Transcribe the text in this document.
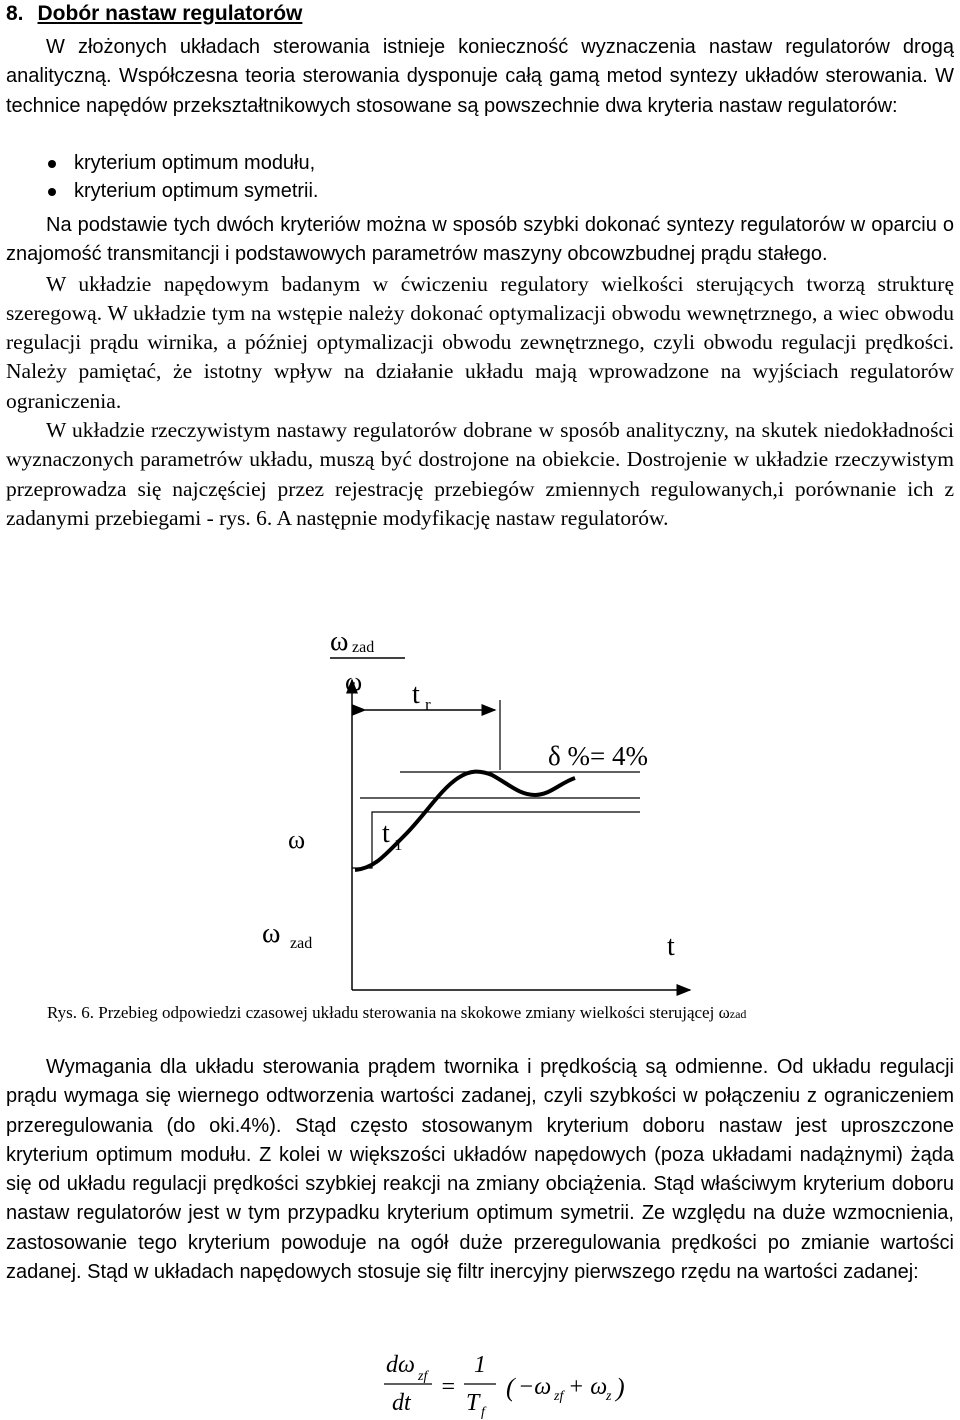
8. Dobór nastaw regulatorów

W złożonych układach sterowania istnieje konieczność wyznaczenia nastaw regulatorów drogą analityczną. Współczesna teoria sterowania dysponuje całą gamą metod syntezy układów sterowania. W technice napędów przekształtnikowych stosowane są powszechnie dwa kryteria nastaw regulatorów:

kryterium optimum modułu,
kryterium optimum symetrii.

Na podstawie tych dwóch kryteriów można w sposób szybki dokonać syntezy regulatorów w oparciu o znajomość transmitancji i podstawowych parametrów maszyny obcowzbudnej prądu stałego.

W układzie napędowym badanym w ćwiczeniu regulatory wielkości sterujących tworzą strukturę szeregową. W układzie tym na wstępie należy dokonać optymalizacji obwodu wewnętrznego, a wiec obwodu regulacji prądu wirnika, a później optymalizacji obwodu zewnętrznego, czyli obwodu regulacji prędkości. Należy pamiętać, że istotny wpływ na działanie układu mają wprowadzone na wyjściach regulatorów ograniczenia.

W układzie rzeczywistym nastawy regulatorów dobrane w sposób analityczny, na skutek niedokładności wyznaczonych parametrów układu, muszą być dostrojone na obiekcie. Dostrojenie w układzie rzeczywistym przeprowadza się najczęściej przez rejestrację przebiegów zmiennych regulowanych,i porównanie ich z zadanymi przebiegami - rys. 6. A następnie modyfikację nastaw regulatorów.

ω zad
ω t r
δ %= 4%
t 1
ω
ω zad	t
Rys. 6. Przebieg odpowiedzi czasowej układu sterowania na skokowe zmiany wielkości sterującej ωzad

Wymagania dla układu sterowania prądem twornika i prędkością są odmienne. Od układu regulacji prądu wymaga się wiernego odtworzenia wartości zadanej, czyli szybkości w połączeniu z ograniczeniem przeregulowania (do oki.4%). Stąd często stosowanym kryterium doboru nastaw jest uproszczone kryterium optimum modułu. Z kolei w większości układów napędowych (poza układami nadążnymi) żąda się od układu regulacji prędkości szybkiej reakcji na zmiany obciążenia. Stąd właściwym kryterium doboru nastaw regulatorów jest w tym przypadku kryterium optimum symetrii. Ze względu na duże wzmocnienia, zastosowanie tego kryterium powoduje na ogół duże przeregulowania prędkości po zmianie wartości zadanej. Stąd w układach napędowych stosuje się filtr inercyjny pierwszego rzędu na wartości zadanej:

dω zf
dt
=
1
T f
( −ω zf + ω
z )
